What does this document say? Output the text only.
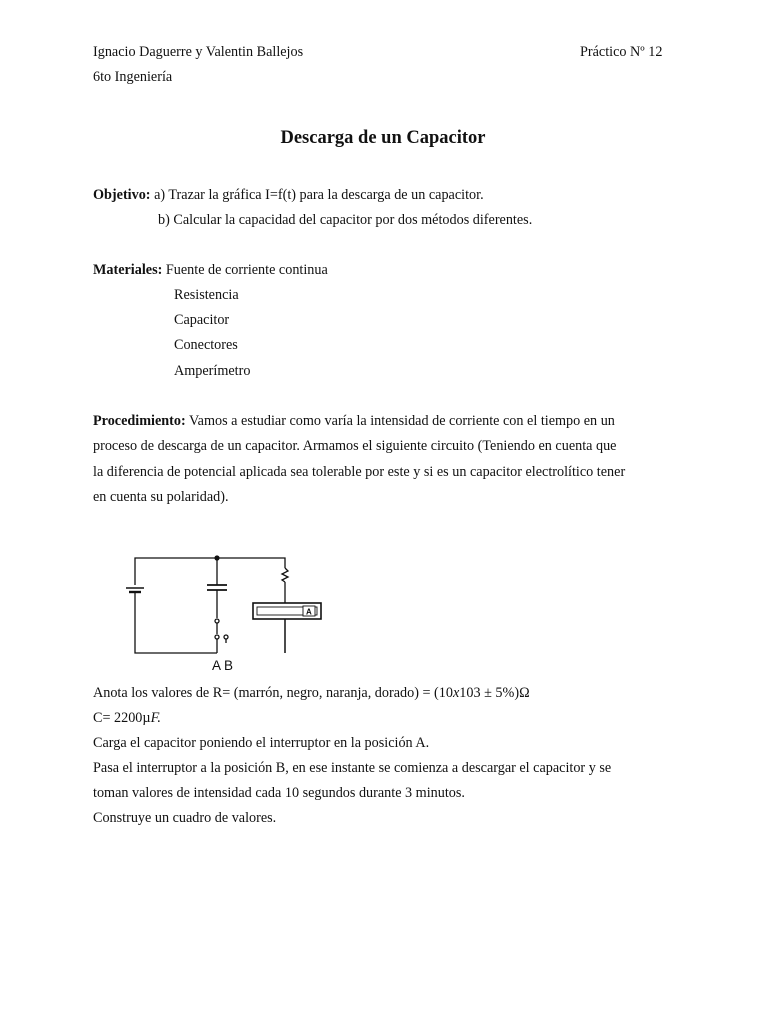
Ignacio Daguerre y Valentin Ballejos	Práctico Nº 12
6to Ingeniería
Descarga de un Capacitor
Objetivo: a) Trazar la gráfica I=f(t) para la descarga de un capacitor.
b) Calcular la capacidad del capacitor por dos métodos diferentes.
Materiales: Fuente de corriente continua
Resistencia
Capacitor
Conectores
Amperímetro
Procedimiento: Vamos a estudiar como varía la intensidad de corriente con el tiempo en un
proceso de descarga de un capacitor. Armamos el siguiente circuito (Teniendo en cuenta que
la diferencia de potencial aplicada sea tolerable por este y si es un capacitor electrolítico tener
en cuenta su polaridad).
A
A B
Anota los valores de R= (marrón, negro, naranja, dorado) = (10x103 ± 5%)Ω
C= 2200µF.
Carga el capacitor poniendo el interruptor en la posición A.
Pasa el interruptor a la posición B, en ese instante se comienza a descargar el capacitor y se
toman valores de intensidad cada 10 segundos durante 3 minutos.
Construye un cuadro de valores.
